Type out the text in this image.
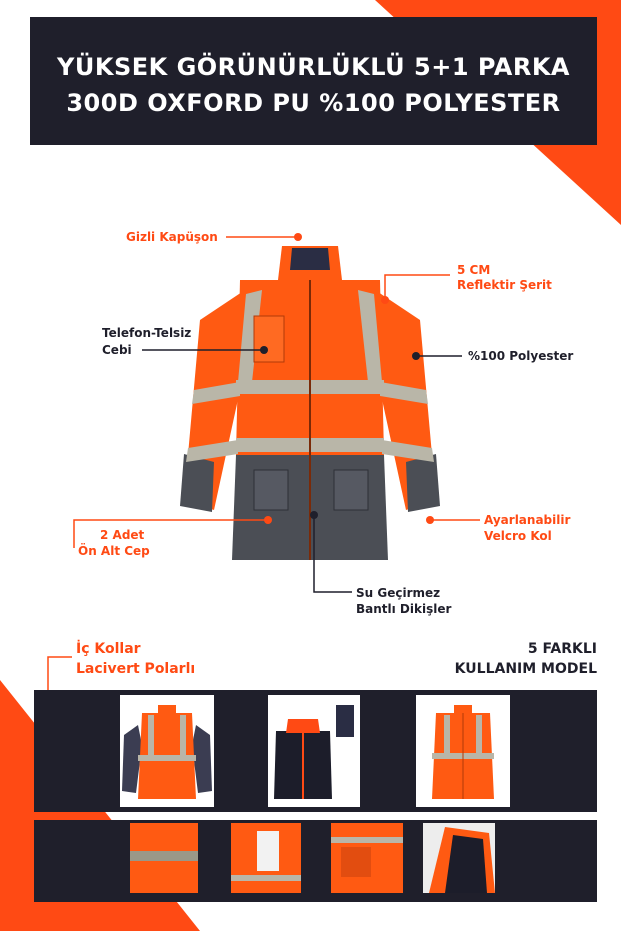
YÜKSEK GÖRÜNÜRLÜKLÜ 5+1 PARKA
300D OXFORD PU %100 POLYESTER
Gizli Kapüşon
5 CM
Reflektir Şerit
Telefon-Telsiz
Cebi	%100 Polyester
Ayarlanabilir
Velcro Kol
2 Adet
Ön Alt Cep
Su Geçirmez
Bantlı Dikişler
İç Kollar
Lacivert Polarlı
5 FARKLI
KULLANIM MODEL
